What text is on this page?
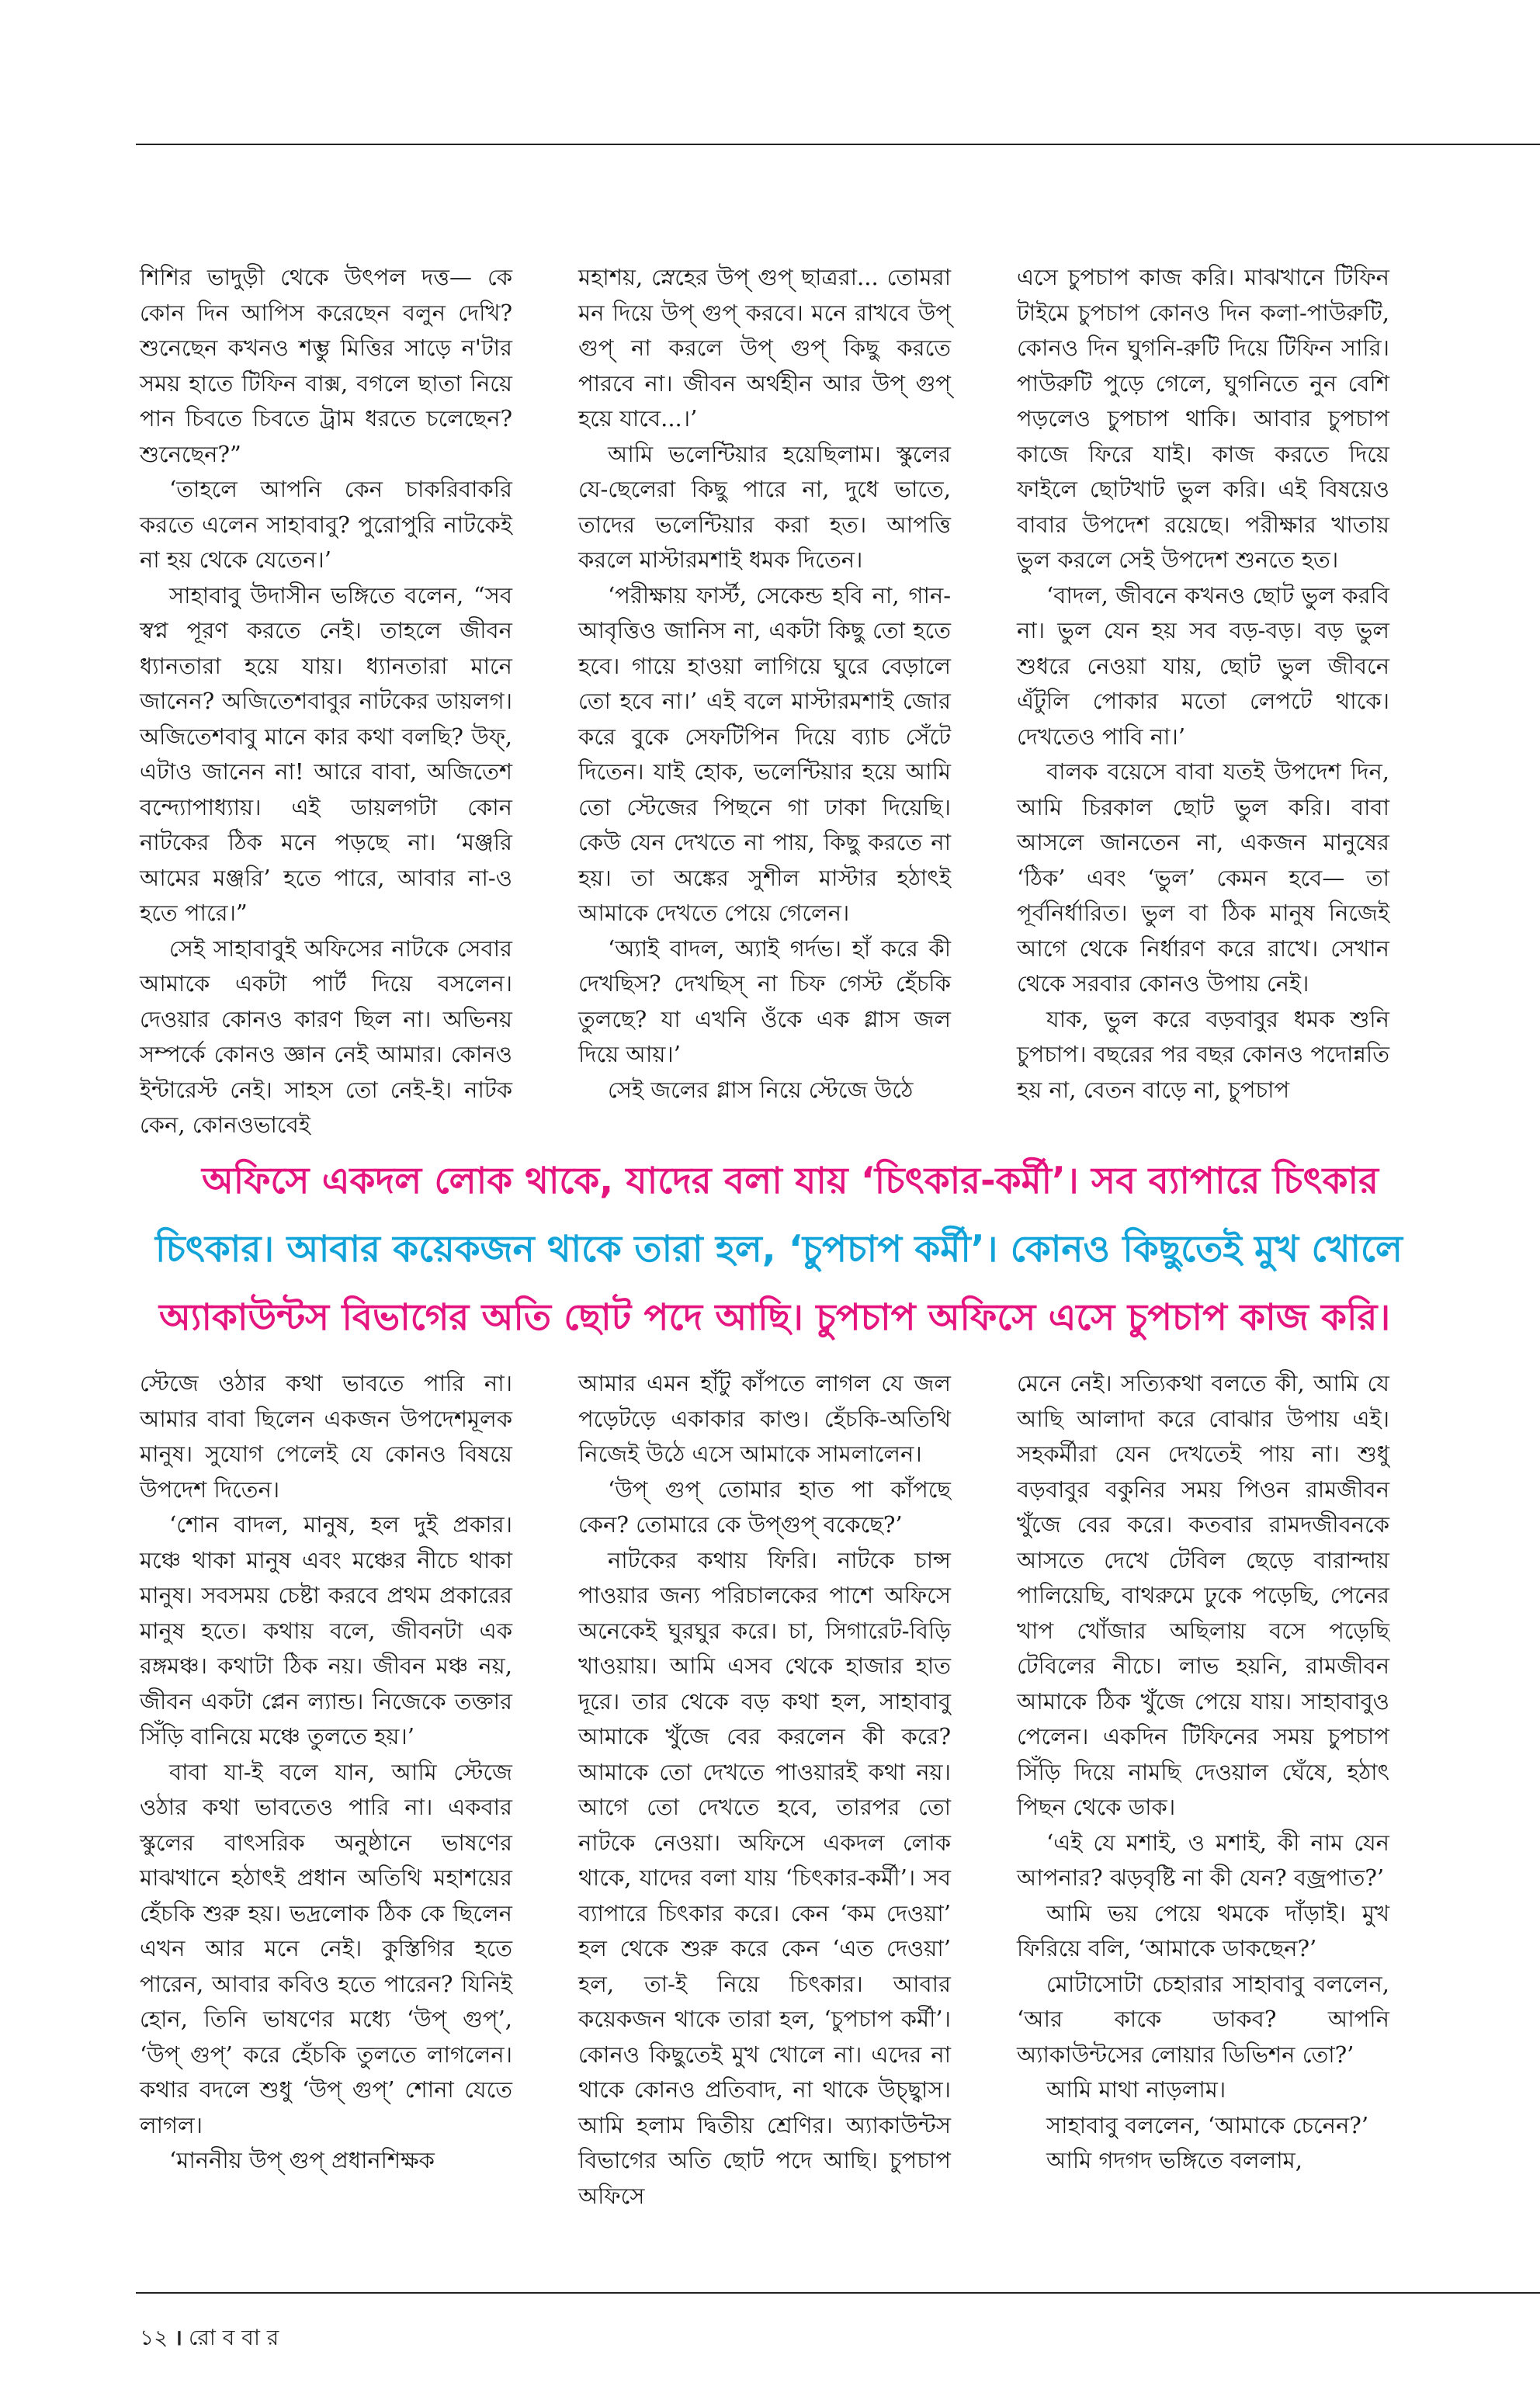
শিশির ভাদুড়ী থেকে উৎপল দত্ত— কে কোন দিন আপিস করেছেন বলুন দেখি? শুনেছেন কখনও শম্ভু মিত্তির সাড়ে ন'টার সময় হাতে টিফিন বাক্স, বগলে ছাতা নিয়ে পান চিবতে চিবতে ট্রাম ধরতে চলেছেন? শুনেছেন?”

‘তাহলে আপনি কেন চাকরিবাকরি করতে এলেন সাহাবাবু? পুরোপুরি নাটকেই না হয় থেকে যেতেন।’

সাহাবাবু উদাসীন ভঙ্গিতে বলেন, “সব স্বপ্ন পূরণ করতে নেই। তাহলে জীবন ধ্যানতারা হয়ে যায়। ধ্যানতারা মানে জানেন? অজিতেশবাবুর নাটকের ডায়লগ। অজিতেশবাবু মানে কার কথা বলছি? উফ্, এটাও জানেন না! আরে বাবা, অজিতেশ বন্দ্যোপাধ্যায়। এই ডায়লগটা কোন নাটকের ঠিক মনে পড়ছে না। ‘মঞ্জরি আমের মঞ্জরি’ হতে পারে, আবার না-ও হতে পারে।”

সেই সাহাবাবুই অফিসের নাটকে সেবার আমাকে একটা পার্ট দিয়ে বসলেন। দেওয়ার কোনও কারণ ছিল না। অভিনয় সম্পর্কে কোনও জ্ঞান নেই আমার। কোনও ইন্টারেস্ট নেই। সাহস তো নেই-ই। নাটক কেন, কোনওভাবেই

মহাশয়, স্নেহের উপ্ গুপ্ ছাত্ররা... তোমরা মন দিয়ে উপ্ গুপ্ করবে। মনে রাখবে উপ্ গুপ্ না করলে উপ্ গুপ্ কিছু করতে পারবে না। জীবন অর্থহীন আর উপ্ গুপ্ হয়ে যাবে...।’

আমি ভলেন্টিয়ার হয়েছিলাম। স্কুলের যে-ছেলেরা কিছু পারে না, দুধে ভাতে, তাদের ভলেন্টিয়ার করা হত। আপত্তি করলে মাস্টারমশাই ধমক দিতেন।

‘পরীক্ষায় ফার্স্ট, সেকেন্ড হবি না, গান-আবৃত্তিও জানিস না, একটা কিছু তো হতে হবে। গায়ে হাওয়া লাগিয়ে ঘুরে বেড়ালে তো হবে না।’ এই বলে মাস্টারমশাই জোর করে বুকে সেফটিপিন দিয়ে ব্যাচ সেঁটে দিতেন। যাই হোক, ভলেন্টিয়ার হয়ে আমি তো স্টেজের পিছনে গা ঢাকা দিয়েছি। কেউ যেন দেখতে না পায়, কিছু করতে না হয়। তা অঙ্কের সুশীল মাস্টার হঠাৎই আমাকে দেখতে পেয়ে গেলেন।

‘অ্যাই বাদল, অ্যাই গর্দভ। হাঁ করে কী দেখছিস? দেখছিস্ না চিফ গেস্ট হেঁচকি তুলছে? যা এখনি ওঁকে এক গ্লাস জল দিয়ে আয়।’

সেই জলের গ্লাস নিয়ে স্টেজে উঠে

এসে চুপচাপ কাজ করি। মাঝখানে টিফিন টাইমে চুপচাপ কোনও দিন কলা-পাউরুটি, কোনও দিন ঘুগনি-রুটি দিয়ে টিফিন সারি। পাউরুটি পুড়ে গেলে, ঘুগনিতে নুন বেশি পড়লেও চুপচাপ থাকি। আবার চুপচাপ কাজে ফিরে যাই। কাজ করতে দিয়ে ফাইলে ছোটখাট ভুল করি। এই বিষয়েও বাবার উপদেশ রয়েছে। পরীক্ষার খাতায় ভুল করলে সেই উপদেশ শুনতে হত।

‘বাদল, জীবনে কখনও ছোট ভুল করবি না। ভুল যেন হয় সব বড়-বড়। বড় ভুল শুধরে নেওয়া যায়, ছোট ভুল জীবনে এঁটুলি পোকার মতো লেপটে থাকে। দেখতেও পাবি না।’

বালক বয়েসে বাবা যতই উপদেশ দিন, আমি চিরকাল ছোট ভুল করি। বাবা আসলে জানতেন না, একজন মানুষের ‘ঠিক’ এবং ‘ভুল’ কেমন হবে— তা পূর্বনির্ধারিত। ভুল বা ঠিক মানুষ নিজেই আগে থেকে নির্ধারণ করে রাখে। সেখান থেকে সরবার কোনও উপায় নেই।

যাক, ভুল করে বড়বাবুর ধমক শুনি চুপচাপ। বছরের পর বছর কোনও পদোন্নতি হয় না, বেতন বাড়ে না, চুপচাপ

অফিসে একদল লোক থাকে, যাদের বলা যায় ‘চিৎকার-কর্মী’। সব ব্যাপারে চিৎকার
চিৎকার। আবার কয়েকজন থাকে তারা হল, ‘চুপচাপ কর্মী’। কোনও কিছুতেই মুখ খোলে
অ্যাকাউন্টস বিভাগের অতি ছোট পদে আছি। চুপচাপ অফিসে এসে চুপচাপ কাজ করি।

স্টেজে ওঠার কথা ভাবতে পারি না। আমার বাবা ছিলেন একজন উপদেশমূলক মানুষ। সুযোগ পেলেই যে কোনও বিষয়ে উপদেশ দিতেন।

‘শোন বাদল, মানুষ, হল দুই প্রকার। মঞ্চে থাকা মানুষ এবং মঞ্চের নীচে থাকা মানুষ। সবসময় চেষ্টা করবে প্রথম প্রকারের মানুষ হতে। কথায় বলে, জীবনটা এক রঙ্গমঞ্চ। কথাটা ঠিক নয়। জীবন মঞ্চ নয়, জীবন একটা প্লেন ল্যান্ড। নিজেকে তক্তার সিঁড়ি বানিয়ে মঞ্চে তুলতে হয়।’

বাবা যা-ই বলে যান, আমি স্টেজে ওঠার কথা ভাবতেও পারি না। একবার স্কুলের বাৎসরিক অনুষ্ঠানে ভাষণের মাঝখানে হঠাৎই প্রধান অতিথি মহাশয়ের হেঁচকি শুরু হয়। ভদ্রলোক ঠিক কে ছিলেন এখন আর মনে নেই। কুস্তিগির হতে পারেন, আবার কবিও হতে পারেন? যিনিই হোন, তিনি ভাষণের মধ্যে ‘উপ্ গুপ্’, ‘উপ্ গুপ্’ করে হেঁচকি তুলতে লাগলেন। কথার বদলে শুধু ‘উপ্ গুপ্’ শোনা যেতে লাগল।

‘মাননীয় উপ্ গুপ্ প্রধানশিক্ষক

আমার এমন হাঁটু কাঁপতে লাগল যে জল পড়েটড়ে একাকার কাণ্ড। হেঁচকি-অতিথি নিজেই উঠে এসে আমাকে সামলালেন।

‘উপ্ গুপ্ তোমার হাত পা কাঁপছে কেন? তোমারে কে উপ্‌গুপ্ বকেছে?’

নাটকের কথায় ফিরি। নাটকে চান্স পাওয়ার জন্য পরিচালকের পাশে অফিসে অনেকেই ঘুরঘুর করে। চা, সিগারেট-বিড়ি খাওয়ায়। আমি এসব থেকে হাজার হাত দূরে। তার থেকে বড় কথা হল, সাহাবাবু আমাকে খুঁজে বের করলেন কী করে? আমাকে তো দেখতে পাওয়ারই কথা নয়। আগে তো দেখতে হবে, তারপর তো নাটকে নেওয়া। অফিসে একদল লোক থাকে, যাদের বলা যায় ‘চিৎকার-কর্মী’। সব ব্যাপারে চিৎকার করে। কেন ‘কম দেওয়া’ হল থেকে শুরু করে কেন ‘এত দেওয়া’ হল, তা-ই নিয়ে চিৎকার। আবার কয়েকজন থাকে তারা হল, ‘চুপচাপ কর্মী’। কোনও কিছুতেই মুখ খোলে না। এদের না থাকে কোনও প্রতিবাদ, না থাকে উচ্ছ্বাস। আমি হলাম দ্বিতীয় শ্রেণির। অ্যাকাউন্টস বিভাগের অতি ছোট পদে আছি। চুপচাপ অফিসে

মেনে নেই। সত্যিকথা বলতে কী, আমি যে আছি আলাদা করে বোঝার উপায় এই। সহকর্মীরা যেন দেখতেই পায় না। শুধু বড়বাবুর বকুনির সময় পিওন রামজীবন খুঁজে বের করে। কতবার রামদজীবনকে আসতে দেখে টেবিল ছেড়ে বারান্দায় পালিয়েছি, বাথরুমে ঢুকে পড়েছি, পেনের খাপ খোঁজার অছিলায় বসে পড়েছি টেবিলের নীচে। লাভ হয়নি, রামজীবন আমাকে ঠিক খুঁজে পেয়ে যায়। সাহাবাবুও পেলেন। একদিন টিফিনের সময় চুপচাপ সিঁড়ি দিয়ে নামছি দেওয়াল ঘেঁষে, হঠাৎ পিছন থেকে ডাক।

‘এই যে মশাই, ও মশাই, কী নাম যেন আপনার? ঝড়বৃষ্টি না কী যেন? বজ্রপাত?’

আমি ভয় পেয়ে থমকে দাঁড়াই। মুখ ফিরিয়ে বলি, ‘আমাকে ডাকছেন?’

মোটাসোটা চেহারার সাহাবাবু বললেন, ‘আর কাকে ডাকব? আপনি অ্যাকাউন্টসের লোয়ার ডিভিশন তো?’

আমি মাথা নাড়লাম।

সাহাবাবু বললেন, ‘আমাকে চেনেন?’

আমি গদগদ ভঙ্গিতে বললাম,

১২ । রো ব বা র
